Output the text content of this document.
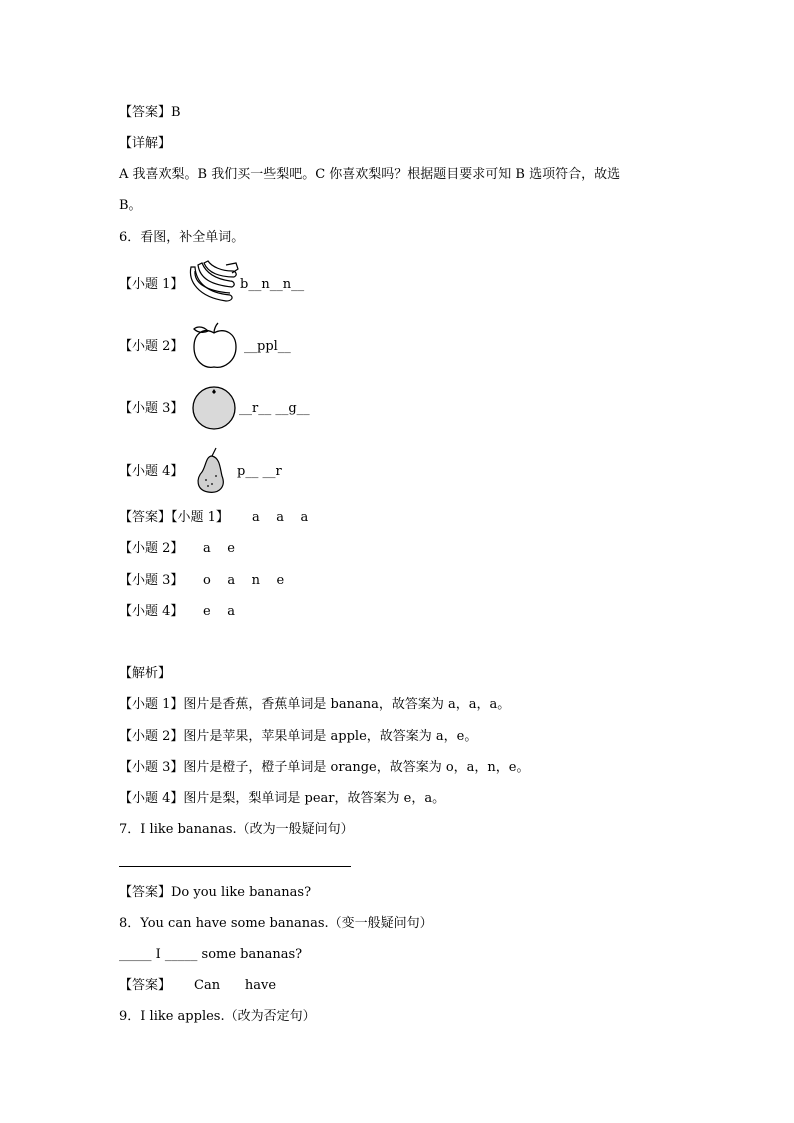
【答案】B
【详解】
A 我喜欢梨。B 我们买一些梨吧。C 你喜欢梨吗？根据题目要求可知 B 选项符合，故选
B。
6．看图，补全单词。
【小题 1】	b__n__n__
【小题 2】	__ppl__
【小题 3】	__r__ __g__
【小题 4】	p__ __r
【答案】【小题 1】 a    a    a
【小题 2】 a    e
【小题 3】 o    a    n    e
【小题 4】 e    a
【解析】
【小题 1】图片是香蕉，香蕉单词是 banana，故答案为 a，a，a。
【小题 2】图片是苹果，苹果单词是 apple，故答案为 a，e。
【小题 3】图片是橙子，橙子单词是 orange，故答案为 o，a，n，e。
【小题 4】图片是梨，梨单词是 pear，故答案为 e，a。
7．I like bananas.（改为一般疑问句）
【答案】Do you like bananas?
8．You can have some bananas.（变一般疑问句）
_____ I _____ some bananas?
【答案】 Can      have
9．I like apples.（改为否定句）
